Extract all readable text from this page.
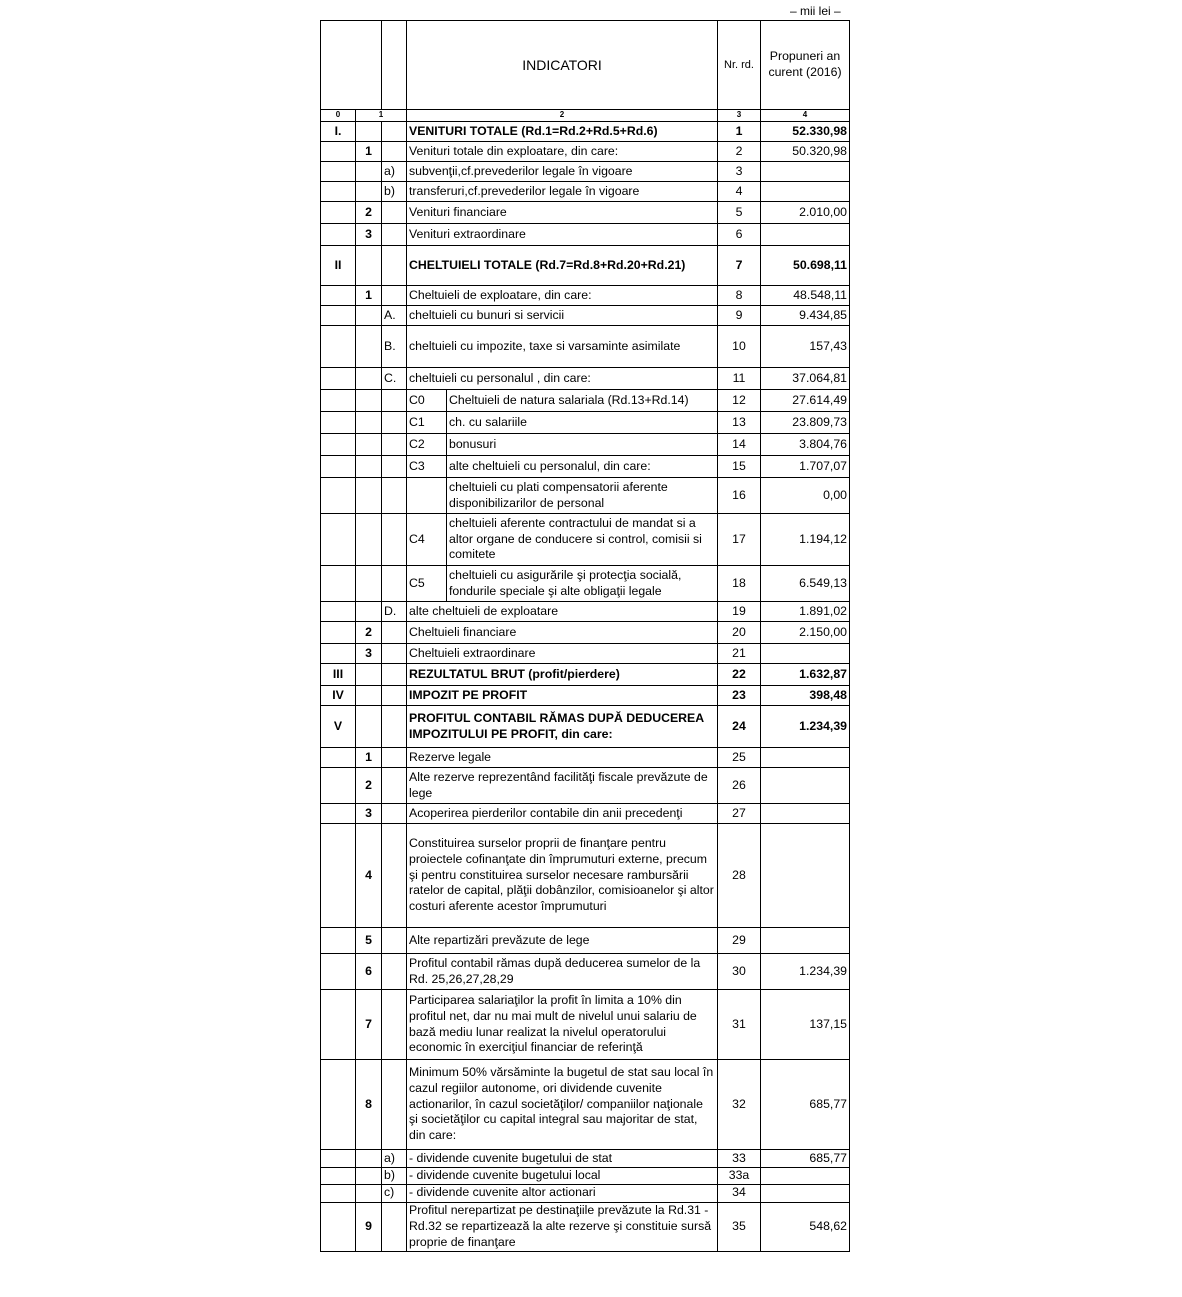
– mii lei –
			INDICATORI		Nr. rd.	Propuneri an curent (2016)
0	1		2		3	4
I.			VENITURI TOTALE (Rd.1=Rd.2+Rd.5+Rd.6)		1	52.330,98
	1		Venituri totale din exploatare, din care:		2	50.320,98
		a)	subvenţii,cf.prevederilor legale în vigoare		3	
		b)	transferuri,cf.prevederilor legale în vigoare		4	
	2		Venituri financiare		5	2.010,00
	3		Venituri extraordinare		6	
II			CHELTUIELI TOTALE (Rd.7=Rd.8+Rd.20+Rd.21)		7	50.698,11
	1		Cheltuieli de exploatare, din care:		8	48.548,11
		A.	cheltuieli cu bunuri si servicii		9	9.434,85
		B.	cheltuieli cu impozite, taxe si varsaminte asimilate		10	157,43
		C.	cheltuieli cu personalul , din care:		11	37.064,81
			C0	Cheltuieli de natura salariala (Rd.13+Rd.14)	12	27.614,49
			C1	ch. cu salariile	13	23.809,73
			C2	bonusuri	14	3.804,76
			C3	alte cheltuieli cu personalul, din care:	15	1.707,07
				cheltuieli cu plati compensatorii aferente disponibilizarilor de personal	16	0,00
			C4	cheltuieli aferente contractului de mandat si a altor organe de conducere si control, comisii si comitete	17	1.194,12
			C5	cheltuieli cu asigurările şi protecţia socială, fondurile speciale şi alte obligaţii legale	18	6.549,13
		D.	alte cheltuieli de exploatare		19	1.891,02
	2		Cheltuieli financiare		20	2.150,00
	3		Cheltuieli extraordinare		21	
III			REZULTATUL BRUT (profit/pierdere)		22	1.632,87
IV			IMPOZIT PE PROFIT		23	398,48
V			PROFITUL CONTABIL RĂMAS DUPĂ DEDUCEREA IMPOZITULUI PE PROFIT, din care:		24	1.234,39
	1		Rezerve legale		25	
	2		Alte rezerve reprezentând facilităţi fiscale prevăzute de lege		26	
	3		Acoperirea pierderilor contabile din anii precedenţi		27	
	4		Constituirea surselor proprii de finanţare pentru proiectele cofinanţate din împrumuturi externe, precum şi pentru constituirea surselor necesare rambursării ratelor de capital, plăţii dobânzilor, comisioanelor şi altor costuri aferente acestor împrumuturi		28	
	5		Alte repartizări prevăzute de lege		29	
	6		Profitul contabil rămas după deducerea sumelor de la Rd. 25,26,27,28,29		30	1.234,39
	7		Participarea salariaţilor la profit în limita a 10% din profitul net, dar nu mai mult de nivelul unui salariu de bază mediu lunar realizat la nivelul operatorului economic în exerciţiul financiar de referinţă		31	137,15
	8		Minimum 50% vărsăminte la bugetul de stat sau local în cazul regiilor autonome, ori dividende cuvenite actionarilor, în cazul societăţilor/ companiilor naţionale şi societăţilor cu capital integral sau majoritar de stat, din care:		32	685,77
		a)	- dividende cuvenite bugetului de stat		33	685,77
		b)	- dividende cuvenite bugetului local		33a	
		c)	- dividende cuvenite altor actionari		34	
	9		Profitul nerepartizat pe destinaţiile prevăzute la Rd.31 - Rd.32 se repartizează la alte rezerve şi constituie sursă proprie de finanţare		35	548,62
